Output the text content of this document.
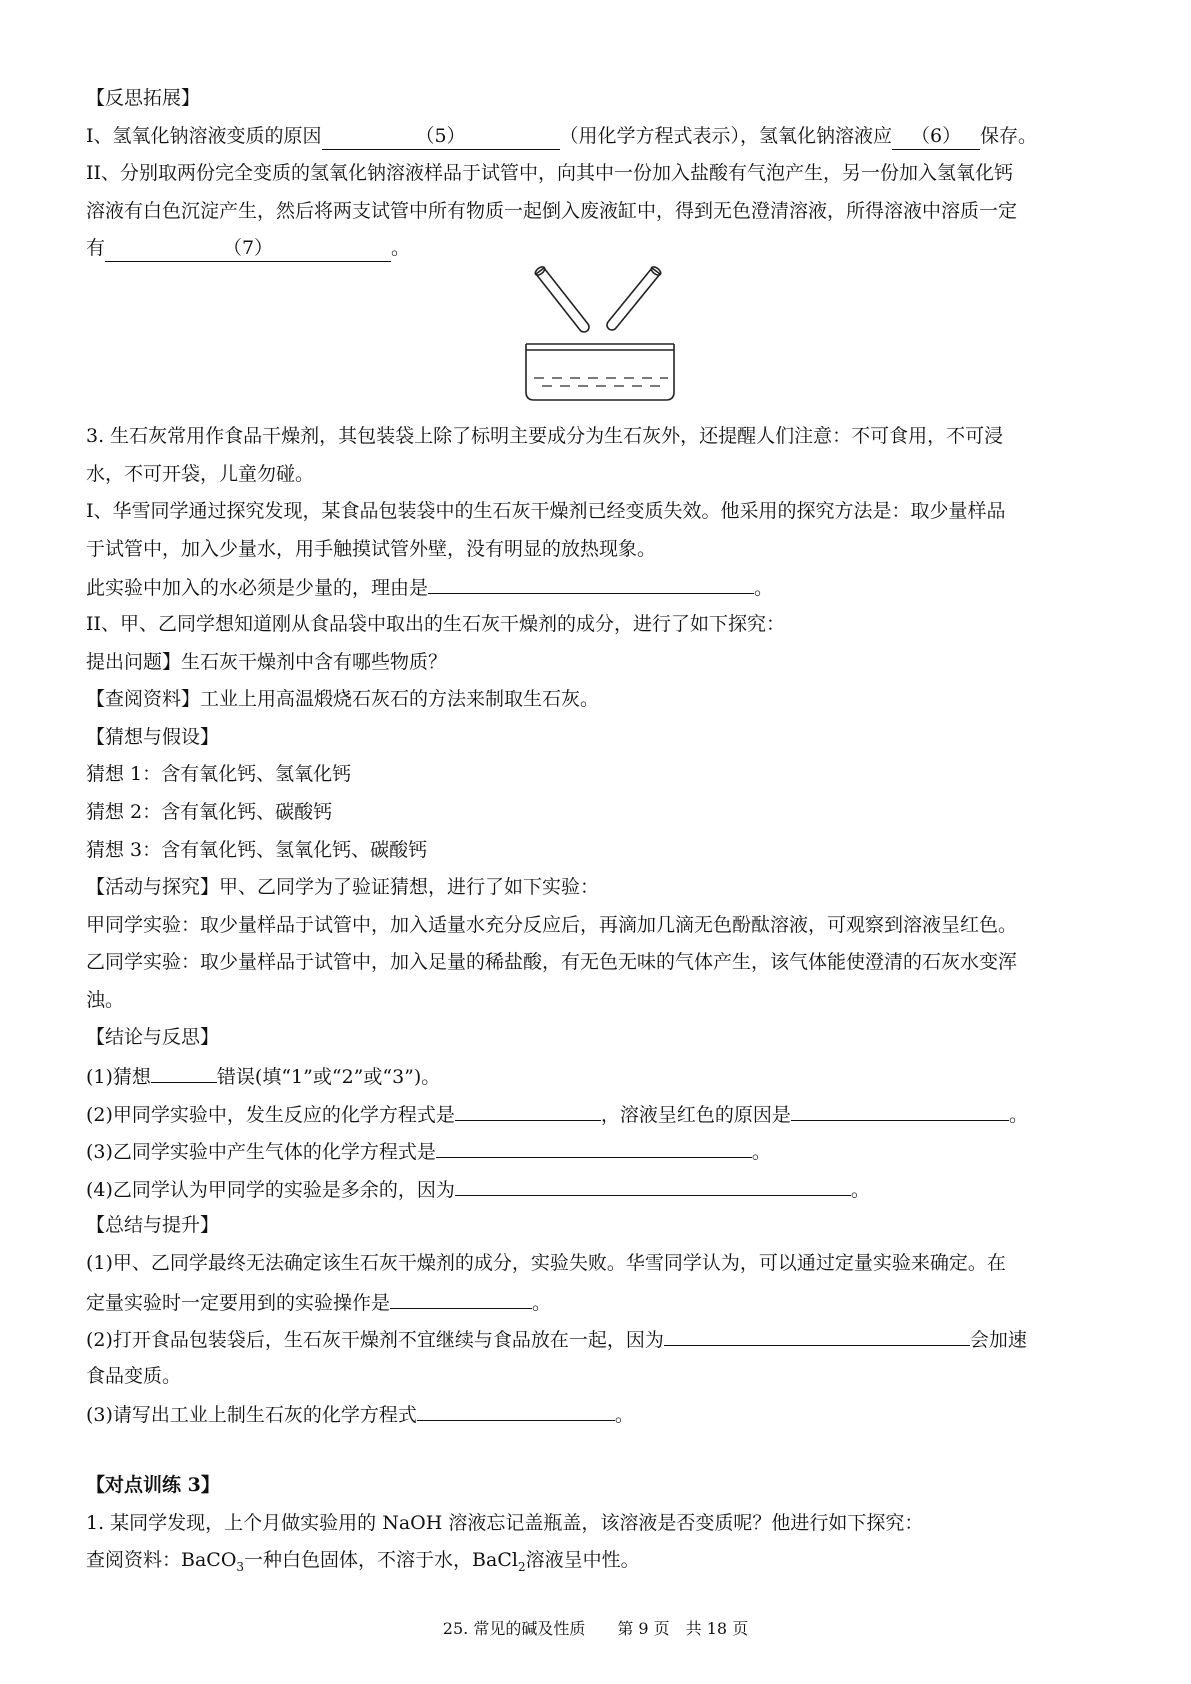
【反思拓展】
I、氢氧化钠溶液变质的原因	（5）	（用化学方程式表示），氢氧化钠溶液应 （6） 保存。
II、分别取两份完全变质的氢氧化钠溶液样品于试管中，向其中一份加入盐酸有气泡产生，另一份加入氢氧化钙
溶液有白色沉淀产生，然后将两支试管中所有物质一起倒入废液缸中，得到无色澄清溶液，所得溶液中溶质一定
有	（7）	。
3. 生石灰常用作食品干燥剂，其包装袋上除了标明主要成分为生石灰外，还提醒人们注意：不可食用，不可浸
水，不可开袋，儿童勿碰。
I、华雪同学通过探究发现，某食品包装袋中的生石灰干燥剂已经变质失效。他采用的探究方法是：取少量样品
于试管中，加入少量水，用手触摸试管外壁，没有明显的放热现象。
此实验中加入的水必须是少量的，理由是	。
II、甲、乙同学想知道刚从食品袋中取出的生石灰干燥剂的成分，进行了如下探究：
提出问题】生石灰干燥剂中含有哪些物质？
【查阅资料】工业上用高温煅烧石灰石的方法来制取生石灰。
【猜想与假设】
猜想 1：含有氧化钙、氢氧化钙
猜想 2：含有氧化钙、碳酸钙
猜想 3：含有氧化钙、氢氧化钙、碳酸钙
【活动与探究】甲、乙同学为了验证猜想，进行了如下实验：
甲同学实验：取少量样品于试管中，加入适量水充分反应后，再滴加几滴无色酚酞溶液，可观察到溶液呈红色。
乙同学实验：取少量样品于试管中，加入足量的稀盐酸，有无色无味的气体产生，该气体能使澄清的石灰水变浑
浊。
【结论与反思】
(1)猜想	错误(填“1”或“2”或“3”)。
(2)甲同学实验中，发生反应的化学方程式是	，溶液呈红色的原因是	。
(3)乙同学实验中产生气体的化学方程式是	。
(4)乙同学认为甲同学的实验是多余的，因为	。
【总结与提升】
(1)甲、乙同学最终无法确定该生石灰干燥剂的成分，实验失败。华雪同学认为，可以通过定量实验来确定。在
定量实验时一定要用到的实验操作是	。
(2)打开食品包装袋后，生石灰干燥剂不宜继续与食品放在一起，因为	会加速
食品变质。
(3)请写出工业上制生石灰的化学方程式	。
【对点训练 3】
1. 某同学发现，上个月做实验用的 NaOH 溶液忘记盖瓶盖，该溶液是否变质呢？他进行如下探究：
查阅资料：BaCO$_3$一种白色固体，不溶于水，BaCl$_2$溶液呈中性。
25. 常见的碱及性质　　第 9 页　共 18 页
